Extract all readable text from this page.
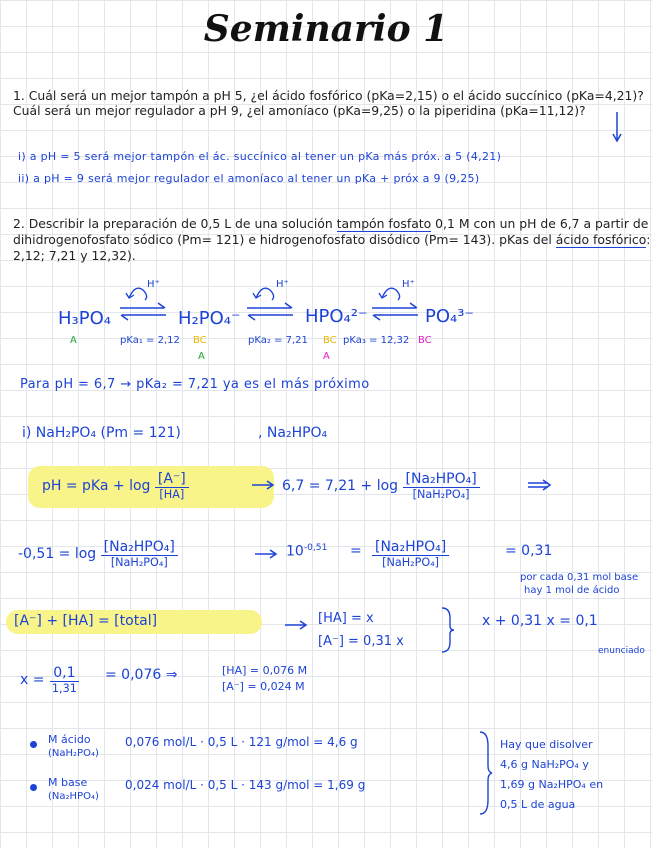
Seminario 1
1. Cuál será un mejor tampón a pH 5, ¿el ácido fosfórico (pKa=2,15) o el ácido succínico (pKa=4,21)?
Cuál será un mejor regulador a pH 9, ¿el amoníaco (pKa=9,25) o la piperidina (pKa=11,12)?
i) a pH = 5 será mejor tampón el ác. succínico al tener un pKa más próx. a 5 (4,21)
ii) a pH = 9 será mejor regulador el amoníaco al tener un pKa + próx a 9 (9,25)
2. Describir la preparación de 0,5 L de una solución tampón fosfato 0,1 M con un pH de 6,7 a partir de
dihidrogenofosfato sódico (Pm= 121) e hidrogenofosfato disódico (Pm= 143). pKas del ácido fosfórico:
2,12; 7,21 y 12,32).
H₃PO₄	H₂PO₄⁻	HPO₄²⁻	PO₄³⁻
H⁺	H⁺	H⁺
A	pKa₁ = 2,12 BC
A
pKa₂ = 7,21 BC
A
pKa₃ = 12,32 BC
Para pH = 6,7 → pKa₂ = 7,21 ya es el más próximo
i) NaH₂PO₄ (Pm = 121)	, Na₂HPO₄
pH = pKa + $\log \frac{[A^-]}{[HA]}$	$6,7 = 7,21 + \log \frac{\text{[Na₂HPO₄]}}{\text{[NaH₂PO₄]}}$
$-0,51 = \log \frac{\text{[Na₂HPO₄]}}{\text{[NaH₂PO₄]}}$	$10^{-0,51} = \frac{\text{[Na₂HPO₄]}}{\text{[NaH₂PO₄]}}$	= 0,31
por cada 0,31 mol base
hay 1 mol de ácido
[A⁻] + [HA] = [total]	[HA] = x
[A⁻] = 0,31 x
x + 0,31 x = 0,1
enunciado
$x = \frac{0,1}{1,31} = 0,076$ ⇒	[HA] = 0,076 M
[A⁻] = 0,024 M
M ácido
(NaH₂PO₄)
0,076 mol/L · 0,5 L · 121 g/mol = 4,6 g
M base
(Na₂HPO₄)
0,024 mol/L · 0,5 L · 143 g/mol = 1,69 g
Hay que disolver
4,6 g NaH₂PO₄ y
1,69 g Na₂HPO₄ en
0,5 L de agua
